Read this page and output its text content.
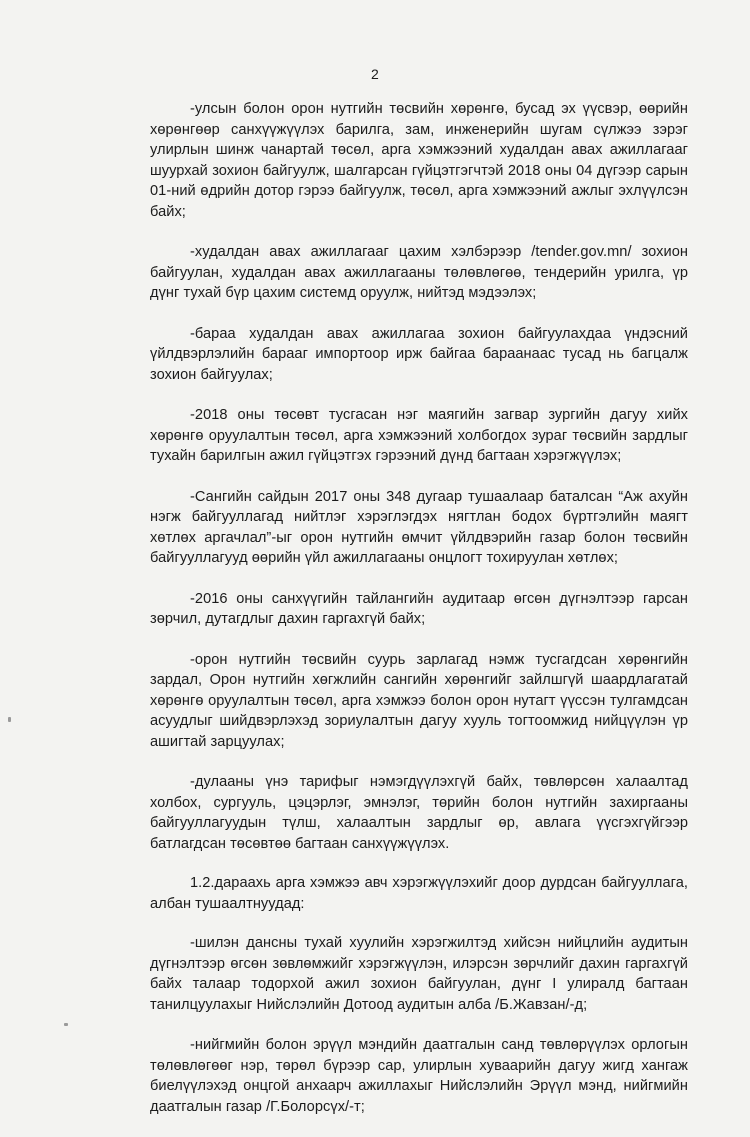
2

-улсын болон орон нутгийн төсвийн хөрөнгө, бусад эх үүсвэр, өөрийн хөрөнгөөр санхүүжүүлэх барилга, зам, инженерийн шугам сүлжээ зэрэг улирлын шинж чанартай төсөл, арга хэмжээний худалдан авах ажиллагааг шуурхай зохион байгуулж, шалгарсан гүйцэтгэгчтэй 2018 оны 04 дүгээр сарын 01-ний өдрийн дотор гэрээ байгуулж, төсөл, арга хэмжээний ажлыг эхлүүлсэн байх;

-худалдан авах ажиллагааг цахим хэлбэрээр /tender.gov.mn/ зохион байгуулан, худалдан авах ажиллагааны төлөвлөгөө, тендерийн урилга, үр дүнг тухай бүр цахим системд оруулж, нийтэд мэдээлэх;

-бараа худалдан авах ажиллагаа зохион байгуулахдаа үндэсний үйлдвэрлэлийн барааг импортоор ирж байгаа бараанаас тусад нь багцалж зохион байгуулах;

-2018 оны төсөвт тусгасан нэг маягийн загвар зургийн дагуу хийх хөрөнгө оруулалтын төсөл, арга хэмжээний холбогдох зураг төсвийн зардлыг тухайн барилгын ажил гүйцэтгэх гэрээний дүнд багтаан хэрэгжүүлэх;

-Сангийн сайдын 2017 оны 348 дугаар тушаалаар баталсан “Аж ахуйн нэгж байгууллагад нийтлэг хэрэглэгдэх нягтлан бодох бүртгэлийн маягт хөтлөх аргачлал”-ыг орон нутгийн өмчит үйлдвэрийн газар болон төсвийн байгууллагууд өөрийн үйл ажиллагааны онцлогт тохируулан хөтлөх;

-2016 оны санхүүгийн тайлангийн аудитаар өгсөн дүгнэлтээр гарсан зөрчил, дутагдлыг дахин гаргахгүй байх;

-орон нутгийн төсвийн суурь зарлагад нэмж тусгагдсан хөрөнгийн зардал, Орон нутгийн хөгжлийн сангийн хөрөнгийг зайлшгүй шаардлагатай хөрөнгө оруулалтын төсөл, арга хэмжээ болон орон нутагт үүссэн тулгамдсан асуудлыг шийдвэрлэхэд зориулалтын дагуу хууль тогтоомжид нийцүүлэн үр ашигтай зарцуулах;

-дулааны үнэ тарифыг нэмэгдүүлэхгүй байх, төвлөрсөн халаалтад холбох, сургууль, цэцэрлэг, эмнэлэг, төрийн болон нутгийн захиргааны байгууллагуудын түлш, халаалтын зардлыг өр, авлага үүсгэхгүйгээр батлагдсан төсөвтөө багтаан санхүүжүүлэх.

1.2.дараахь арга хэмжээ авч хэрэгжүүлэхийг доор дурдсан байгууллага, албан тушаалтнуудад:

-шилэн дансны тухай хуулийн хэрэгжилтэд хийсэн нийцлийн аудитын дүгнэлтээр өгсөн зөвлөмжийг хэрэгжүүлэн, илэрсэн зөрчлийг дахин гаргахгүй байх талаар тодорхой ажил зохион байгуулан, дүнг I улиралд багтаан танилцуулахыг Нийслэлийн Дотоод аудитын алба /Б.Жавзан/-д;

-нийгмийн болон эрүүл мэндийн даатгалын санд төвлөрүүлэх орлогын төлөвлөгөөг нэр, төрөл бүрээр сар, улирлын хуваарийн дагуу жигд хангаж биелүүлэхэд онцгой анхаарч ажиллахыг Нийслэлийн Эрүүл мэнд, нийгмийн даатгалын газар /Г.Болорсүх/-т;
